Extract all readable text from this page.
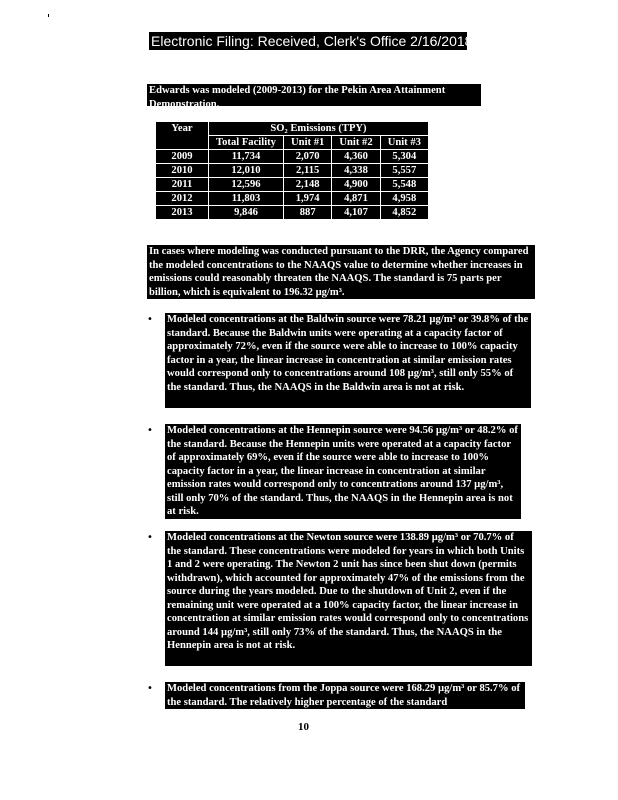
Electronic Filing: Received, Clerk's Office 2/16/2018
Edwards was modeled (2009-2013) for the Pekin Area Attainment Demonstration.
Year	SO₂ Emissions (TPY)			
	Total Facility	Unit #1	Unit #2	Unit #3
2009	11,734	2,070	4,360	5,304
2010	12,010	2,115	4,338	5,557
2011	12,596	2,148	4,900	5,548
2012	11,803	1,974	4,871	4,958
2013	9,846	887	4,107	4,852
In cases where modeling was conducted pursuant to the DRR, the Agency compared the modeled concentrations to the NAAQS value to determine whether increases in emissions could reasonably threaten the NAAQS. The standard is 75 parts per billion, which is equivalent to 196.32 µg/m³.
• Modeled concentrations at the Baldwin source were 78.21 µg/m³ or 39.8% of the standard. Because the Baldwin units were operating at a capacity factor of approximately 72%, even if the source were able to increase to 100% capacity factor in a year, the linear increase in concentration at similar emission rates would correspond only to concentrations around 108 µg/m³, still only 55% of the standard. Thus, the NAAQS in the Baldwin area is not at risk.
• Modeled concentrations at the Hennepin source were 94.56 µg/m³ or 48.2% of the standard. Because the Hennepin units were operated at a capacity factor of approximately 69%, even if the source were able to increase to 100% capacity factor in a year, the linear increase in concentration at similar emission rates would correspond only to concentrations around 137 µg/m³, still only 70% of the standard. Thus, the NAAQS in the Hennepin area is not at risk.
• Modeled concentrations at the Newton source were 138.89 µg/m³ or 70.7% of the standard. These concentrations were modeled for years in which both Units 1 and 2 were operating. The Newton 2 unit has since been shut down (permits withdrawn), which accounted for approximately 47% of the emissions from the source during the years modeled. Due to the shutdown of Unit 2, even if the remaining unit were operated at a 100% capacity factor, the linear increase in concentration at similar emission rates would correspond only to concentrations around 144 µg/m³, still only 73% of the standard. Thus, the NAAQS in the Hennepin area is not at risk.
• Modeled concentrations from the Joppa source were 168.29 µg/m³ or 85.7% of the standard. The relatively higher percentage of the standard
10
